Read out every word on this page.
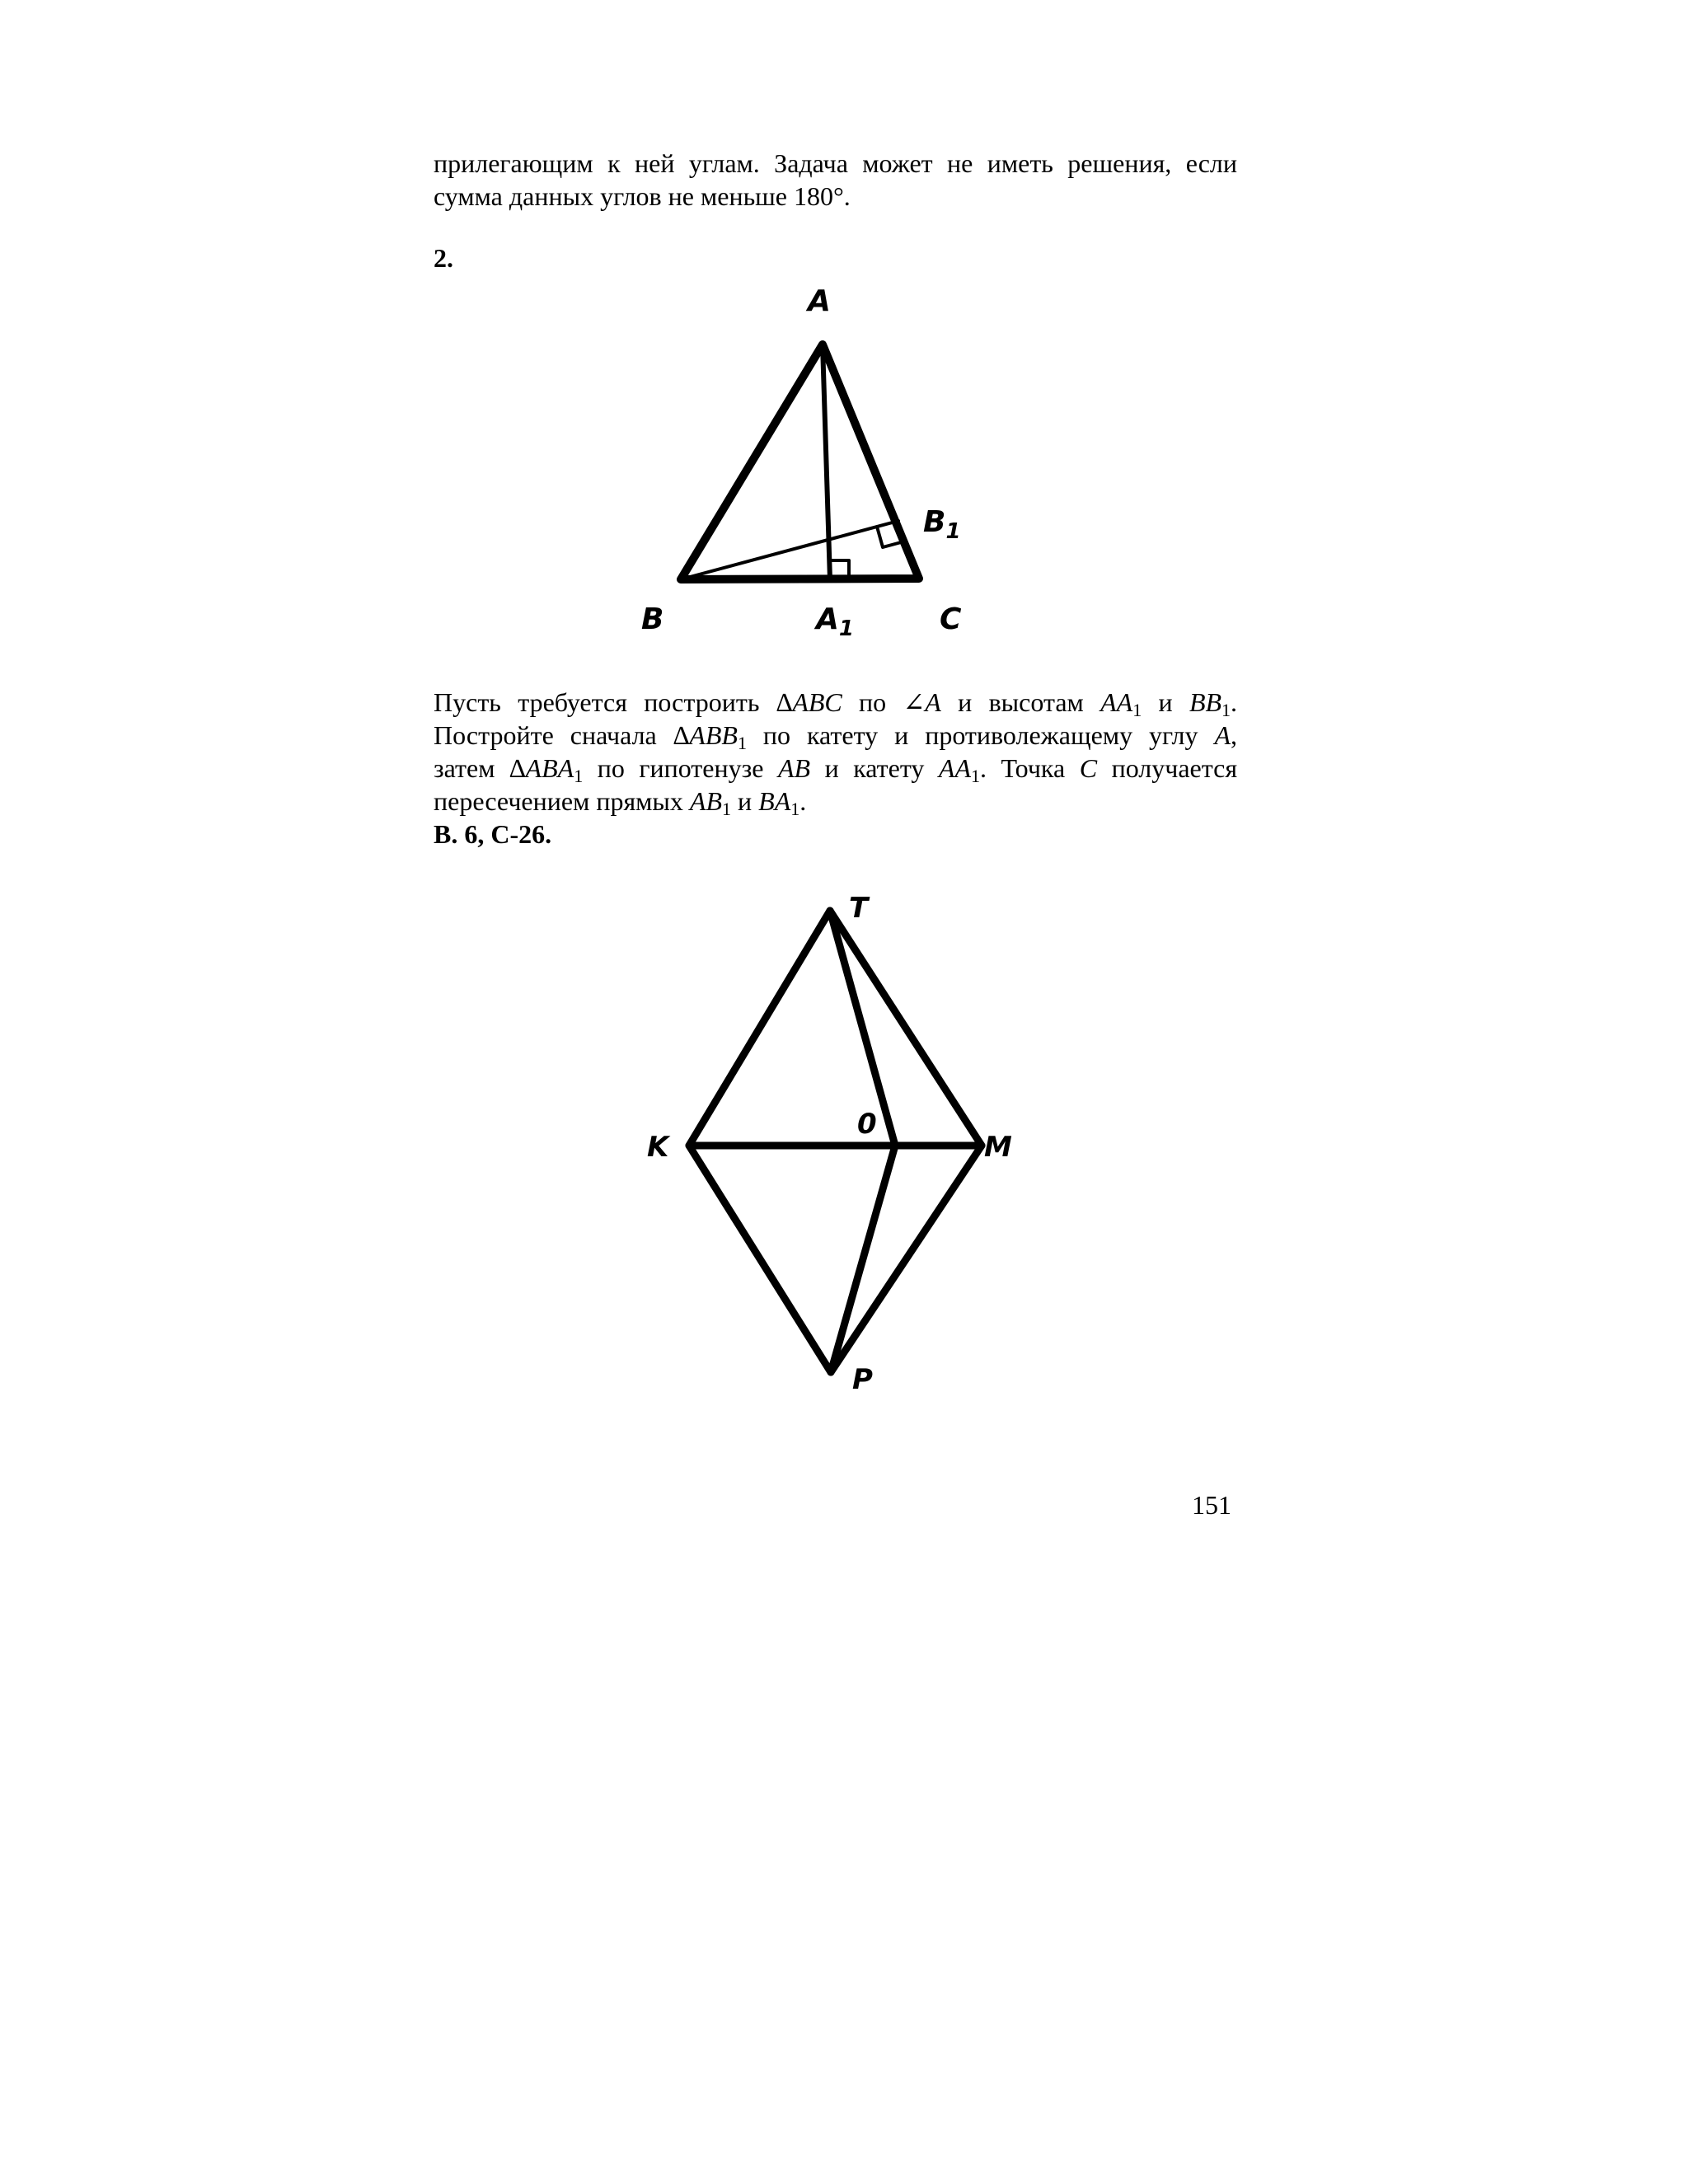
прилегающим к ней углам. Задача может не иметь решения, если
сумма данных углов не меньше 180°.
2.
A
B	C
$A_1$
$B_1$
Пусть требуется построить ∆ABC по ∠A и высотам $AA_1$ и $BB_1$.
Постройте сначала $\Delta ABB_1$ по катету и противолежащему углу A,
затем $\Delta ABA_1$ по гипотенузе AB и катету $AA_1$. Точка C получается
пересечением прямых $AB_1$ и $BA_1$.
В. 6, С-26.
T
K	M
0
P
151
